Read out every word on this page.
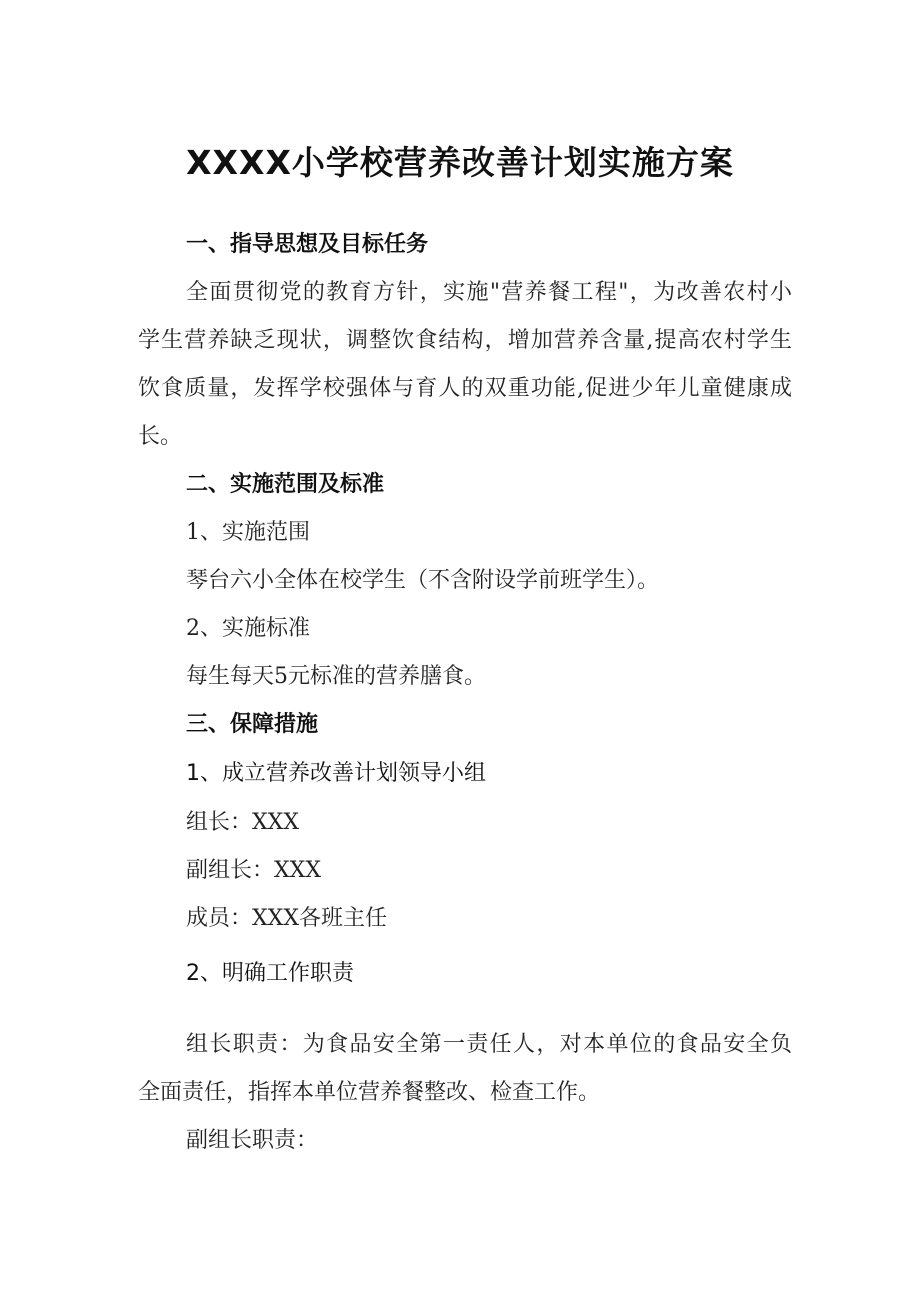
XXXX小学校营养改善计划实施方案

一、指导思想及目标任务

全面贯彻党的教育方针，实施"营养餐工程"，为改善农村小

学生营养缺乏现状，调整饮食结构，增加营养含量,提高农村学生

饮食质量，发挥学校强体与育人的双重功能,促进少年儿童健康成

长。

二、实施范围及标准

1、实施范围

琴台六小全体在校学生（不含附设学前班学生）。

2、实施标准

每生每天5元标准的营养膳食。

三、保障措施

1、成立营养改善计划领导小组

组长：XXX

副组长：XXX

成员：XXX各班主任

2、明确工作职责

组长职责：为食品安全第一责任人，对本单位的食品安全负

全面责任，指挥本单位营养餐整改、检查工作。

副组长职责：
